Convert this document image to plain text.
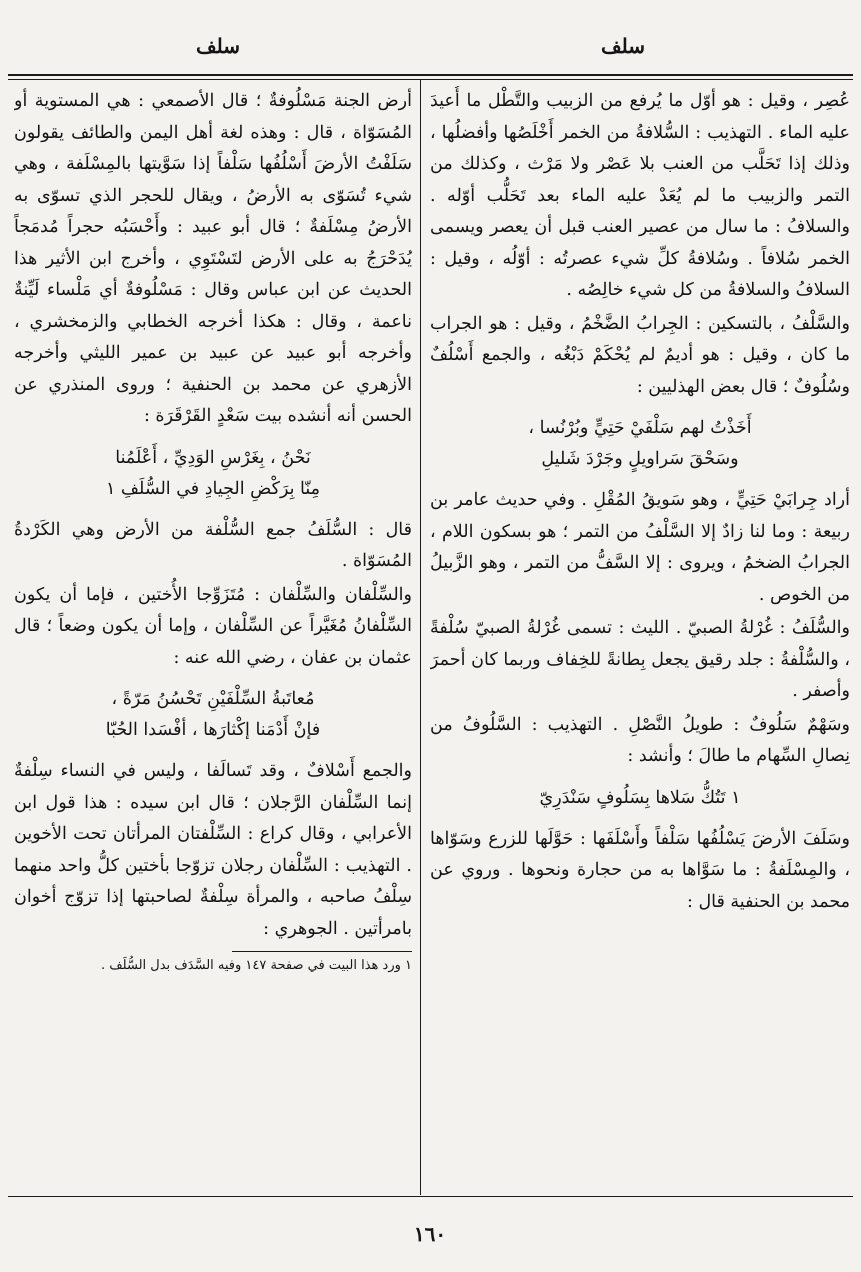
سلف
سلف

عُصِر ، وقيل : هو أوّل ما يُرفع من الزبيب والتَّطْل ما أُعيدَ عليه الماء . التهذيب : السُّلافةُ من الخمر أَخْلَصُها وأفضلُها ، وذلك إذا تَحَلَّب من العنب بلا عَصْر ولا مَرْث ، وكذلك من التمر والزبيب ما لم يُعَدْ عليه الماء بعد تَحَلُّب أوّله . والسلافُ : ما سال من عصير العنب قبل أن يعصر ويسمى الخمر سُلافاً . وسُلافةُ كلِّ شيء عصرتُه : أوّلُه ، وقيل : السلافُ والسلافةُ من كل شيء خالِصُه .

والسَّلْفُ ، بالتسكين : الجِرابُ الضَّخْمُ ، وقيل : هو الجراب ما كان ، وقيل : هو أديمٌ لم يُحْكَمْ دَبْغُه ، والجمع أَسْلُفٌ وسُلُوفٌ ؛ قال بعض الهذليين :

أَخَذْتُ لهم سَلْفَيْ حَتِيٍّ وبُرْنُسا ،
وسَحْقَ سَراويلٍ وجَرْدَ شَليلِ

أراد جِرابَيْ حَتِيٍّ ، وهو سَويقُ المُقْلِ . وفي حديث عامر بن ربيعة : وما لنا زادٌ إلا السَّلْفُ من التمر ؛ هو بسكون اللام ، الجرابُ الضخمُ ، ويروى : إلا السَّفُّ من التمر ، وهو الزَّبيلُ من الخوص .

والسُّلَفُ : غُرْلةُ الصبيّ . الليث : تسمى غُرْلةُ الصبيّ سُلْفةً ، والسُّلْفةُ : جلد رقيق يجعل بِطانةً للخِفاف وربما كان أحمرَ وأصفر .

وسَهْمٌ سَلُوفٌ : طويلُ النَّصْلِ . التهذيب : السَّلُوفُ من نِصالِ السِّهام ما طالَ ؛ وأنشد :

١ تَتُكُّ سَلاها بِسَلُوفٍ سَنْدَرِيّ

وسَلَفَ الأرضَ يَسْلُفُها سَلْفاً وأَسْلَفَها : حَوَّلَها للزرع وسَوّاها ، والمِسْلَفةُ : ما سَوَّاها به من حجارة ونحوها . وروي عن محمد بن الحنفية قال :

أرض الجنة مَسْلُوفةٌ ؛ قال الأصمعي : هي المستوية أو المُسَوّاة ، قال : وهذه لغة أهل اليمن والطائف يقولون سَلَفْتُ الأرضَ أَسْلُفُها سَلْفاً إذا سَوَّيتها بالمِسْلَفة ، وهي شيء تُسَوّى به الأرضُ ، ويقال للحجر الذي تسوّى به الأرضُ مِسْلَفةٌ ؛ قال أبو عبيد : وأَحْسَبُه حجراً مُدمَجاً يُدَحْرَجُ به على الأرض لتَسْتَوِي ، وأخرج ابن الأثير هذا الحديث عن ابن عباس وقال : مَسْلُوفةٌ أي مَلْساء لَيِّنةٌ ناعمة ، وقال : هكذا أخرجه الخطابي والزمخشري ، وأخرجه أبو عبيد عن عبيد بن عمير الليثي وأخرجه الأزهري عن محمد بن الحنفية ؛ وروى المنذري عن الحسن أنه أنشده بيت سَعْدٍ القَرْقَرَة :

نَحْنُ ، بِغَرْسِ الوَدِيِّ ، أَعْلَمُنا
مِنّا بِرَكْضِ الجِيادِ في السُّلَفِ ١

قال : السُّلَفُ جمع السُّلْفة من الأرض وهي الكَرْدةُ المُسَوّاة .

والسِّلْفان والسِّلْفان : مُتَزَوِّجا الأُختين ، فإما أن يكون السِّلْفانُ مُغَيَّراً عن السِّلْفان ، وإما أن يكون وضعاً ؛ قال عثمان بن عفان ، رضي الله عنه :

مُعاتَبةُ السِّلْفَيْنِ تَحْسُنُ مَرّةً ،
فإنْ أَدْمَنا إكْثارَها ، أفْسَدا الحُبّا

والجمع أَسْلافٌ ، وقد تَسالَفا ، وليس في النساء سِلْفةٌ إنما السِّلْفان الرَّجلان ؛ قال ابن سيده : هذا قول ابن الأعرابي ، وقال كراع : السِّلْفتان المرأتان تحت الأخوين . التهذيب : السِّلْفان رجلان تزوّجا بأختين كلُّ واحد منهما سِلْفُ صاحبه ، والمرأة سِلْفةٌ لصاحبتها إذا تزوّج أخوان بامرأتين . الجوهري :

١ ورد هذا البيت في صفحة ١٤٧ وفيه السَّدَف بدل السُّلَف .
١٦٠
